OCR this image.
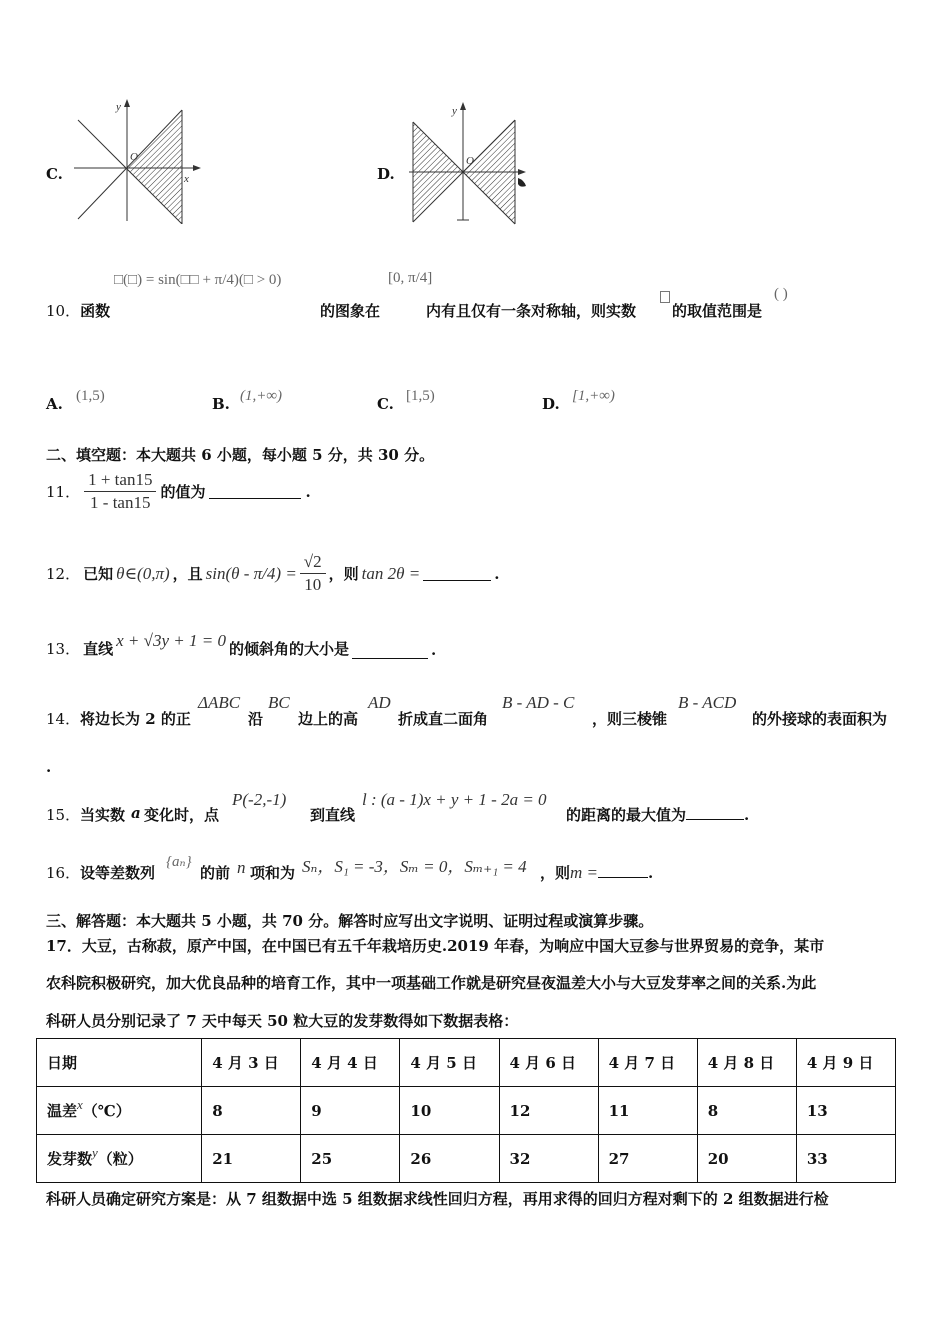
C.
y
x
O
D.
y
O
□(□) = sin(□□ + π/4)(□ > 0)	[0, π/4]
10．函数	的图象在	内有且仅有一条对称轴，则实数 的取值范围是
( )
A. (1,5)	B. (1,+∞)	C. [1,5)	D. [1,+∞)
二、填空题：本大题共 6 小题，每小题 5 分，共 30 分。
11． $\frac{1 + \tan 15}{1 - \tan 15}$ 的值为	.
12． 已知 θ∈(0,π) ，且 $\sin(\theta - \pi/4) = \frac{√2}{10}$ ，则 tan 2θ =	.
13． 直线 x + √3y + 1 = 0 的倾斜角的大小是	.
14． 将边长为 2 的正
ΔABC
沿
BC
边上的高
AD
折成直二面角
B - AD - C
，则三棱锥
B - ACD
的外接球的表面积为
.
15． 当实数 a 变化时，点
P(-2,-1)
到直线
l : (a - 1)x + y + 1 - 2a = 0
的距离的最大值为	.
16． 设等差数列
{aₙ}
的前 n 项和为 Sₙ，S₁ = -3，Sₘ = 0，Sₘ₊₁ = 4 ，则m =	.
三、解答题：本大题共 5 小题，共 70 分。解答时应写出文字说明、证明过程或演算步骤。
17．大豆，古称菽，原产中国，在中国已有五千年栽培历史.2019 年春，为响应中国大豆参与世界贸易的竞争，某市
农科院积极研究，加大优良品种的培育工作，其中一项基础工作就是研究昼夜温差大小与大豆发芽率之间的关系.为此
科研人员分别记录了 7 天中每天 50 粒大豆的发芽数得如下数据表格：
日期	4 月 3 日	4 月 4 日	4 月 5 日	4 月 6 日	4 月 7 日	4 月 8 日	4 月 9 日
温差x（℃）	8	9	10	12	11	8	13
发芽数y（粒）	21	25	26	32	27	20	33
科研人员确定研究方案是：从 7 组数据中选 5 组数据求线性回归方程，再用求得的回归方程对剩下的 2 组数据进行检
